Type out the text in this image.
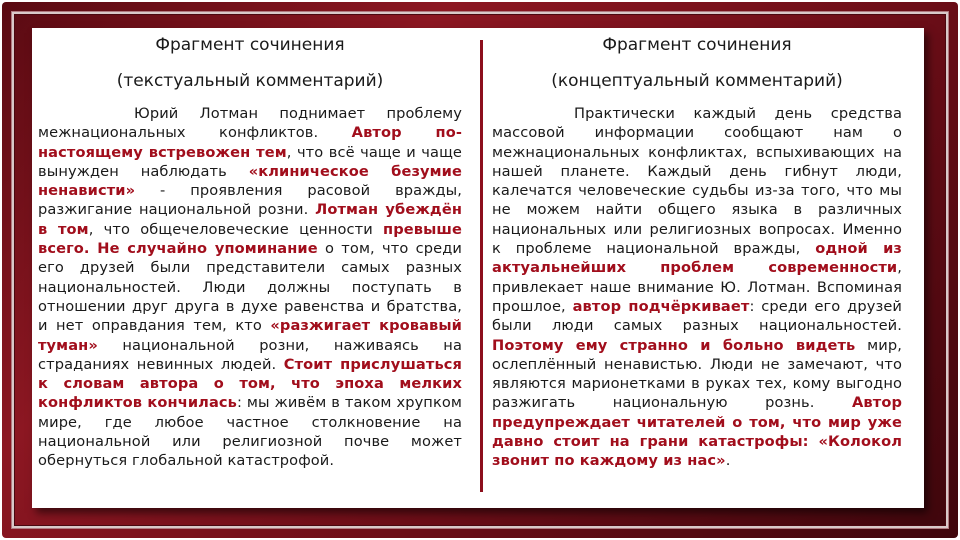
Фрагмент сочинения
(текстуальный комментарий)

Юрий Лотман поднимает проблему межнациональных конфликтов. Автор по-настоящему встревожен тем, что всё чаще и чаще вынужден наблюдать «клиническое безумие ненависти» - проявления расовой вражды, разжигание национальной розни. Лотман убеждён в том, что общечеловеческие ценности превыше всего. Не случайно упоминание о том, что среди его друзей были представители самых разных национальностей. Люди должны поступать в отношении друг друга в духе равенства и братства, и нет оправдания тем, кто «разжигает кровавый туман» национальной розни, наживаясь на страданиях невинных людей. Стоит прислушаться к словам автора о том, что эпоха мелких конфликтов кончилась: мы живём в таком хрупком мире, где любое частное столкновение на национальной или религиозной почве может обернуться глобальной катастрофой.

Фрагмент сочинения
(концептуальный комментарий)

Практически каждый день средства массовой информации сообщают нам о межнациональных конфликтах, вспыхивающих на нашей планете. Каждый день гибнут люди, калечатся человеческие судьбы из-за того, что мы не можем найти общего языка в различных национальных или религиозных вопросах. Именно к проблеме национальной вражды, одной из актуальнейших проблем современности, привлекает наше внимание Ю. Лотман. Вспоминая прошлое, автор подчёркивает: среди его друзей были люди самых разных национальностей. Поэтому ему странно и больно видеть мир, ослеплённый ненавистью. Люди не замечают, что являются марионетками в руках тех, кому выгодно разжигать национальную рознь. Автор предупреждает читателей о том, что мир уже давно стоит на грани катастрофы: «Колокол звонит по каждому из нас».
